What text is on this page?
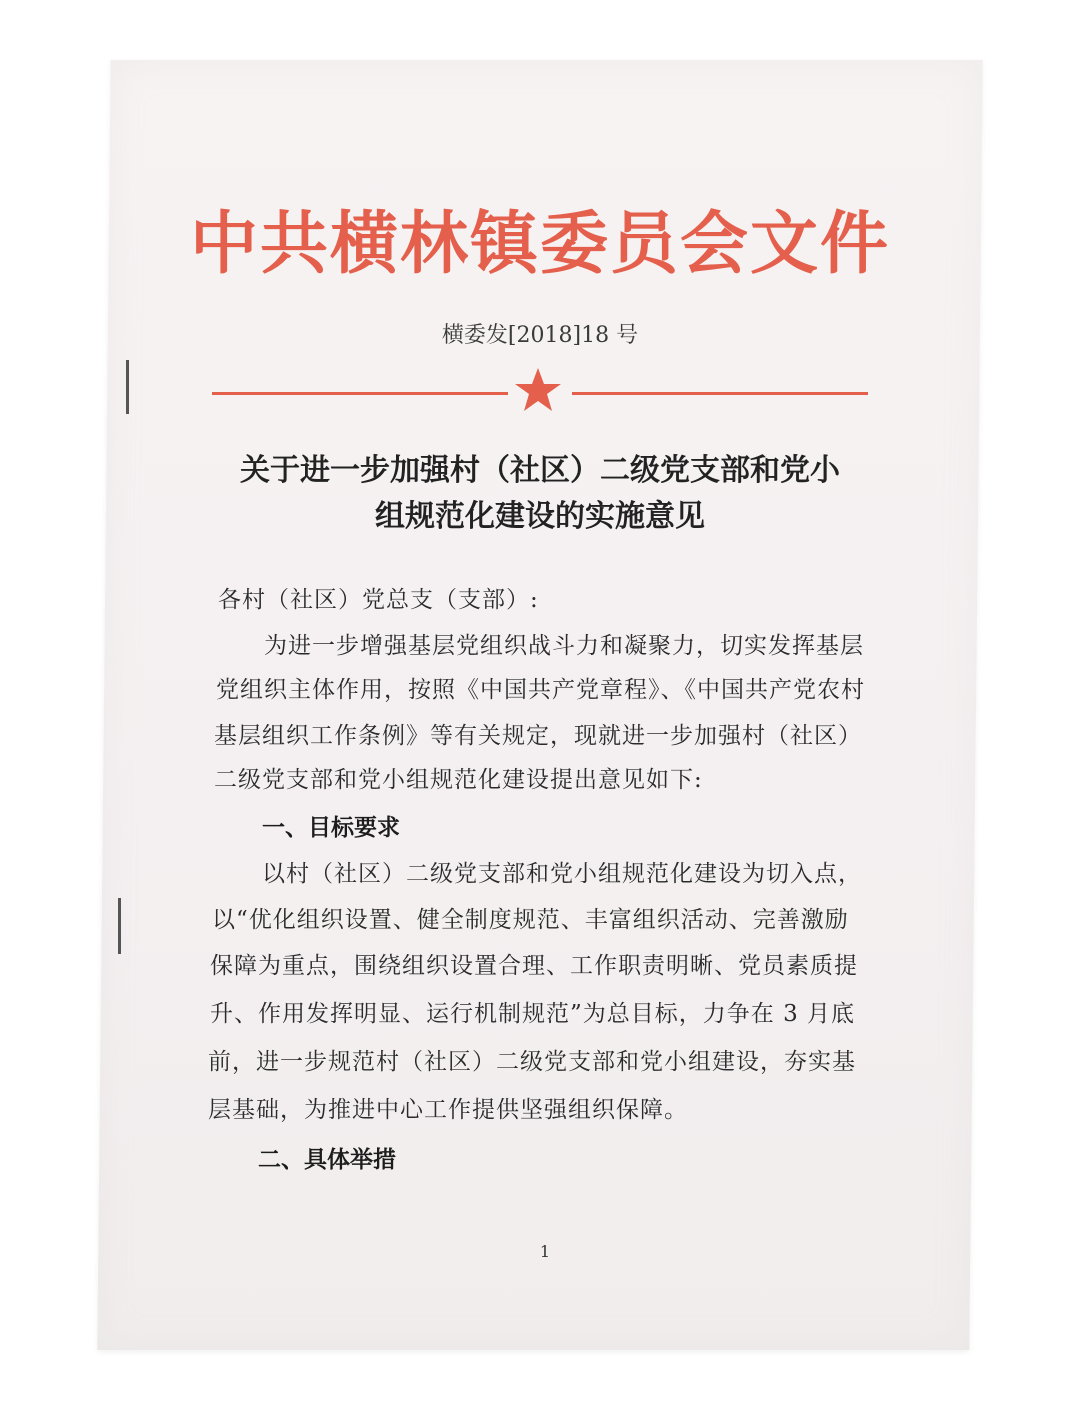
中共横林镇委员会文件
横委发[2018]18 号
关于进一步加强村（社区）二级党支部和党小
组规范化建设的实施意见
各村（社区）党总支（支部）:
为进一步增强基层党组织战斗力和凝聚力，切实发挥基层
党组织主体作用，按照《中国共产党章程》、《中国共产党农村
基层组织工作条例》等有关规定，现就进一步加强村（社区）
二级党支部和党小组规范化建设提出意见如下:
一、目标要求
以村（社区）二级党支部和党小组规范化建设为切入点，
以“优化组织设置、健全制度规范、丰富组织活动、完善激励
保障为重点，围绕组织设置合理、工作职责明晰、党员素质提
升、作用发挥明显、运行机制规范”为总目标，力争在 3 月底
前，进一步规范村（社区）二级党支部和党小组建设，夯实基
层基础，为推进中心工作提供坚强组织保障。
二、具体举措
1
